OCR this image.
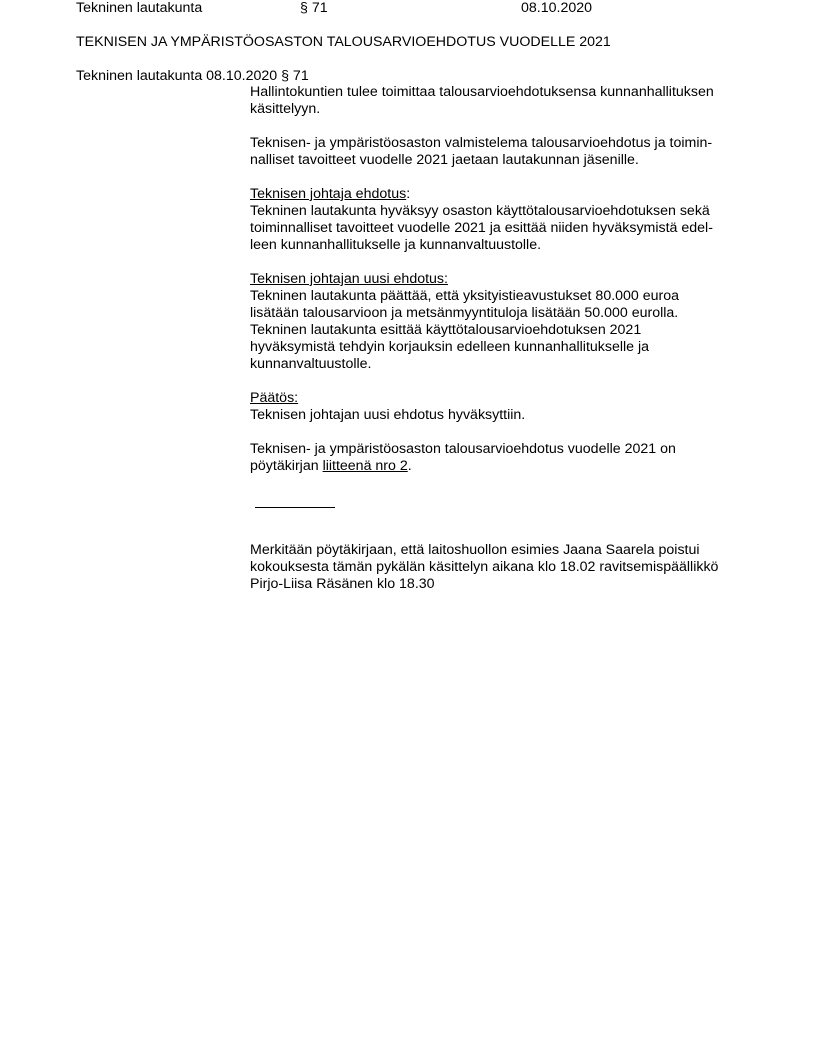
Tekninen lautakunta	§ 71	08.10.2020
TEKNISEN JA YMPÄRISTÖOSASTON TALOUSARVIOEHDOTUS VUODELLE 2021
Tekninen lautakunta 08.10.2020 § 71

Hallintokuntien tulee toimittaa talousarvioehdotuksensa kunnanhallituksen

käsittelyyn.

Teknisen- ja ympäristöosaston valmistelema talousarvioehdotus ja toimin-

nalliset tavoitteet vuodelle 2021 jaetaan lautakunnan jäsenille.

Teknisen johtaja ehdotus:

Tekninen lautakunta hyväksyy osaston käyttötalousarvioehdotuksen sekä

toiminnalliset tavoitteet vuodelle 2021 ja esittää niiden hyväksymistä edel-

leen kunnanhallitukselle ja kunnanvaltuustolle.

Teknisen johtajan uusi ehdotus:

Tekninen lautakunta päättää, että yksityistieavustukset 80.000 euroa

lisätään talousarvioon ja metsänmyyntituloja lisätään 50.000 eurolla.

Tekninen lautakunta esittää käyttötalousarvioehdotuksen 2021

hyväksymistä tehdyin korjauksin edelleen kunnanhallitukselle ja

kunnanvaltuustolle.

Päätös:

Teknisen johtajan uusi ehdotus hyväksyttiin.

Teknisen- ja ympäristöosaston talousarvioehdotus vuodelle 2021 on

pöytäkirjan liitteenä nro 2.

Merkitään pöytäkirjaan, että laitoshuollon esimies Jaana Saarela poistui

kokouksesta tämän pykälän käsittelyn aikana klo 18.02 ravitsemispäällikkö

Pirjo-Liisa Räsänen klo 18.30
